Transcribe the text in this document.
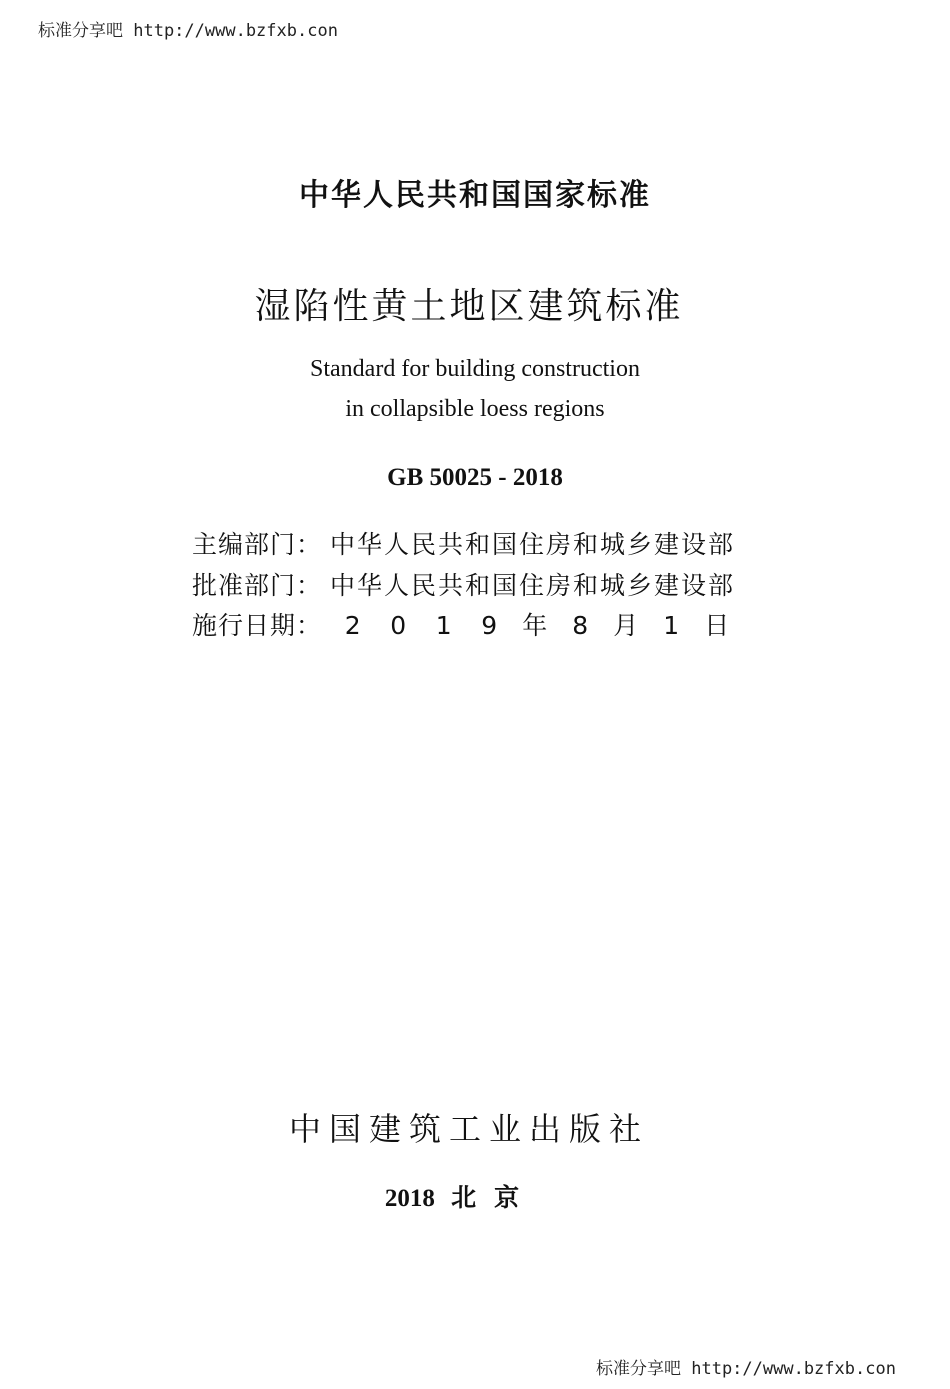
标准分享吧 http://www.bzfxb.con
中华人民共和国国家标准
湿陷性黄土地区建筑标准
Standard for building construction
in collapsible loess regions
GB 50025 - 2018
主编部门： 中华人民共和国住房和城乡建设部
批准部门： 中华人民共和国住房和城乡建设部
施行日期： 2 0 1 9 年 8 月 1 日
中国建筑工业出版社
2018 北京
标准分享吧 http://www.bzfxb.con
